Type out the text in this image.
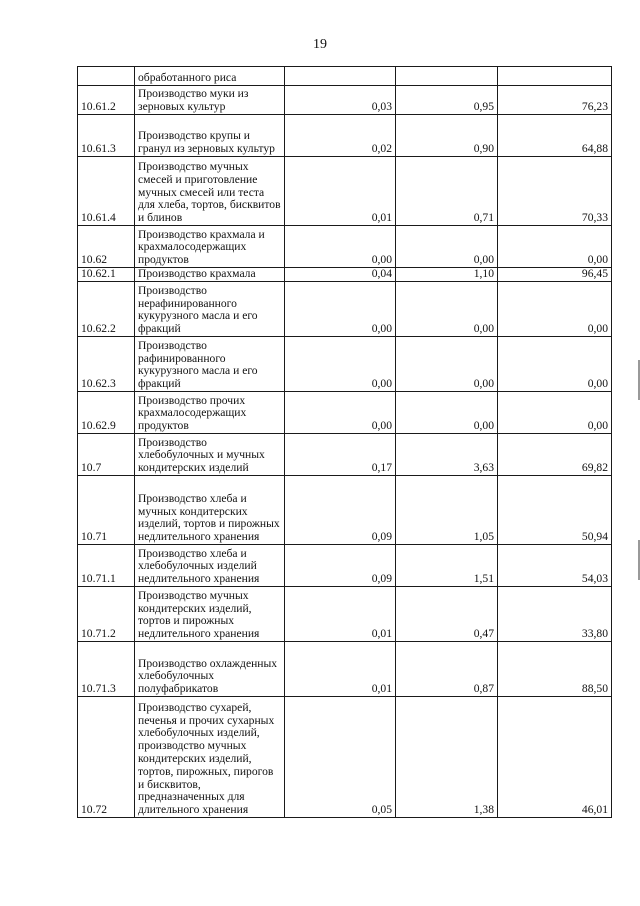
19
	обработанного риса			
10.61.2	Производство муки из зерновых культур	0,03	0,95	76,23
10.61.3	Производство крупы и гранул из зерновых культур	0,02	0,90	64,88
10.61.4	Производство мучных смесей и приготовление мучных смесей или теста для хлеба, тортов, бисквитов и блинов	0,01	0,71	70,33
10.62	Производство крахмала и крахмалосодержащих продуктов	0,00	0,00	0,00
10.62.1	Производство крахмала	0,04	1,10	96,45
10.62.2	Производство нерафинированного кукурузного масла и его фракций	0,00	0,00	0,00
10.62.3	Производство рафинированного кукурузного масла и его фракций	0,00	0,00	0,00
10.62.9	Производство прочих крахмалосодержащих продуктов	0,00	0,00	0,00
10.7	Производство хлебобулочных и мучных кондитерских изделий	0,17	3,63	69,82
10.71	Производство хлеба и мучных кондитерских изделий, тортов и пирожных недлительного хранения	0,09	1,05	50,94
10.71.1	Производство хлеба и хлебобулочных изделий недлительного хранения	0,09	1,51	54,03
10.71.2	Производство мучных кондитерских изделий, тортов и пирожных недлительного хранения	0,01	0,47	33,80
10.71.3	Производство охлажденных хлебобулочных полуфабрикатов	0,01	0,87	88,50
10.72	Производство сухарей, печенья и прочих сухарных хлебобулочных изделий, производство мучных кондитерских изделий, тортов, пирожных, пирогов и бисквитов, предназначенных для длительного хранения	0,05	1,38	46,01
